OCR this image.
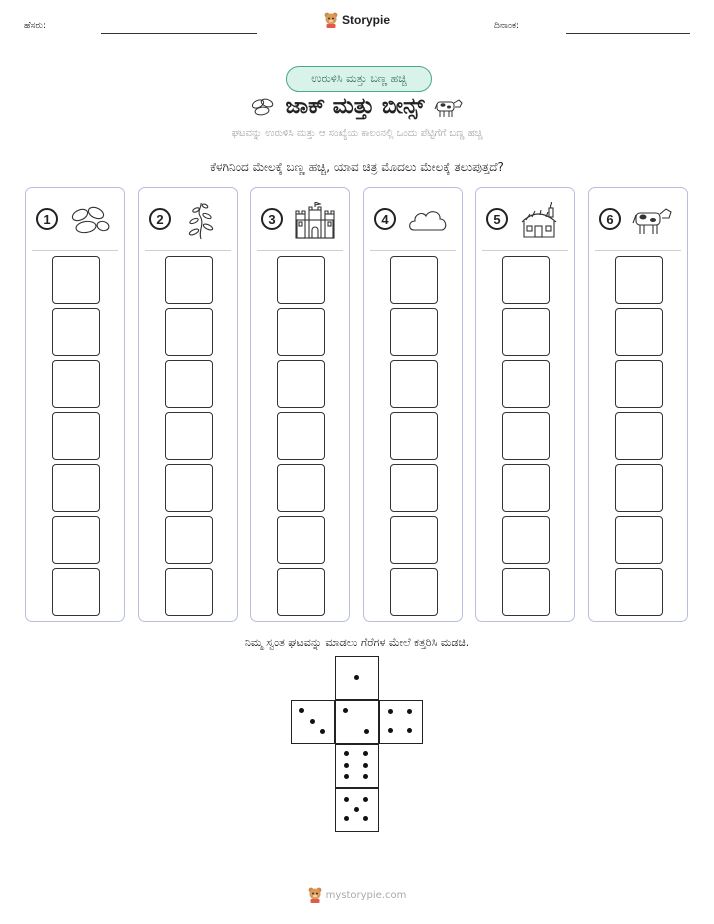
ಹೆಸರು:	Storypie	ದಿನಾಂಕ:
ಉರುಳಿಸಿ ಮತ್ತು ಬಣ್ಣ ಹಚ್ಚಿ
ಜಾಕ್ ಮತ್ತು ಬೀನ್ಸ್
ಘಟವನ್ನು ಉರುಳಿಸಿ ಮತ್ತು ಆ ಸಂಖ್ಯೆಯ ಕಾಲಂನಲ್ಲಿ ಒಂದು ಪೆಟ್ಟಿಗೆಗೆ ಬಣ್ಣ ಹಚ್ಚಿ
ಕೆಳಗಿನಿಂದ ಮೇಲಕ್ಕೆ ಬಣ್ಣ ಹಚ್ಚಿ, ಯಾವ ಚಿತ್ರ ಮೊದಲು ಮೇಲಕ್ಕೆ ತಲುಪುತ್ತದೆ?
1	2	3	4	5	6
ನಿಮ್ಮ ಸ್ವಂತ ಘಟವನ್ನು ಮಾಡಲು ಗೆರೆಗಳ ಮೇಲೆ ಕತ್ತರಿಸಿ ಮಡಚಿ.
mystorypie.com
